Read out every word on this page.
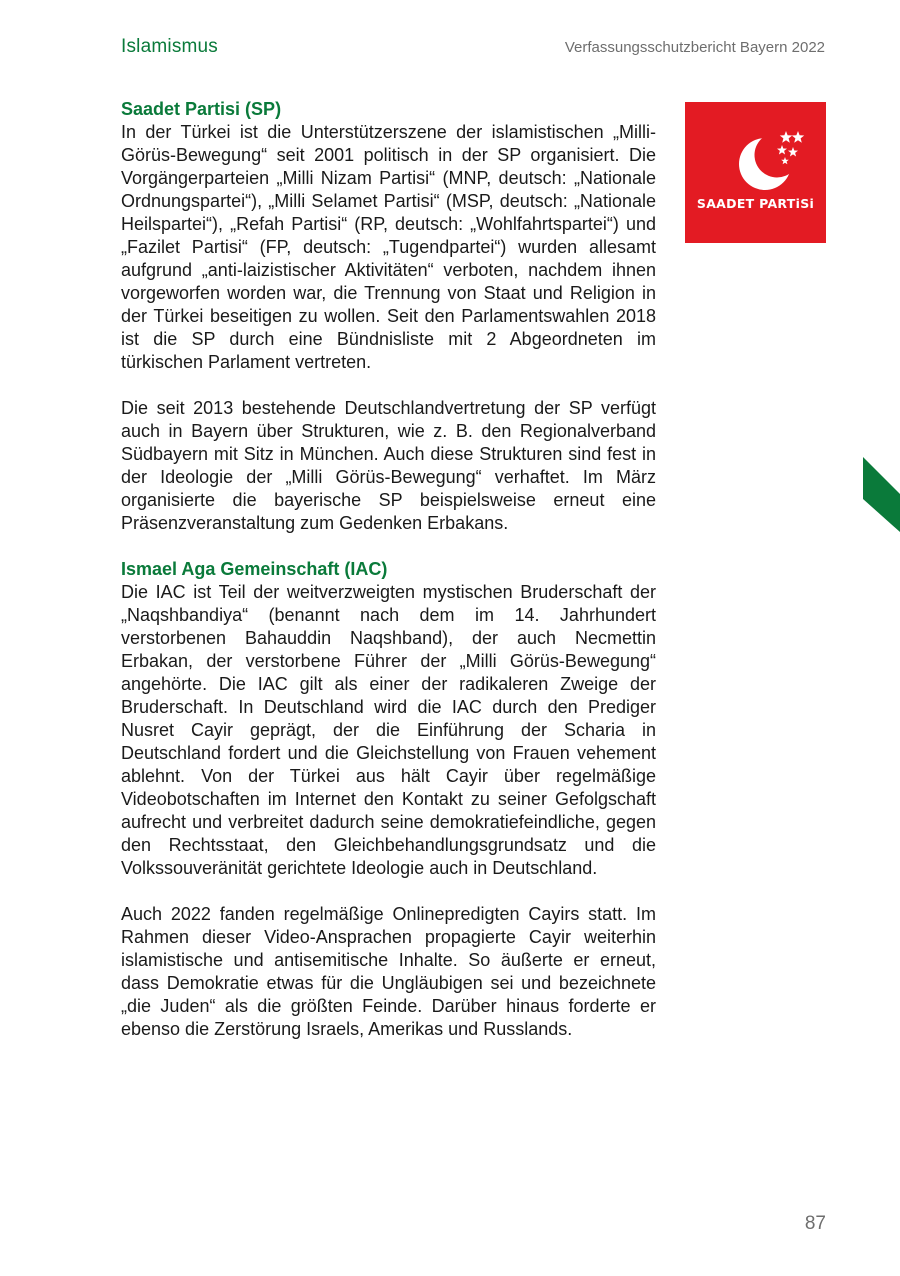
Islamismus	Verfassungsschutzbericht Bayern 2022
SAADET PARTiSi
Saadet Partisi (SP)

In der Türkei ist die Unterstützerszene der islamistischen „Milli-Görüs-Bewegung“ seit 2001 politisch in der SP organisiert. Die Vorgängerparteien „Milli Nizam Partisi“ (MNP, deutsch: „Nationale Ordnungspartei“), „Milli Selamet Partisi“ (MSP, deutsch: „Nationale Heilspartei“), „Refah Partisi“ (RP, deutsch: „Wohlfahrtspartei“) und „Fazilet Partisi“ (FP, deutsch: „Tugendpartei“) wurden allesamt aufgrund „anti-laizistischer Aktivitäten“ verboten, nachdem ihnen vorgeworfen worden war, die Trennung von Staat und Religion in der Türkei beseitigen zu wollen. Seit den Parlamentswahlen 2018 ist die SP durch eine Bündnisliste mit 2 Abgeordneten im türkischen Parlament vertreten.

Die seit 2013 bestehende Deutschlandvertretung der SP verfügt auch in Bayern über Strukturen, wie z. B. den Regionalverband Südbayern mit Sitz in München. Auch diese Strukturen sind fest in der Ideologie der „Milli Görüs-Bewegung“ verhaftet. Im März organisierte die bayerische SP beispielsweise erneut eine Präsenzveranstaltung zum Gedenken Erbakans.

Ismael Aga Gemeinschaft (IAC)

Die IAC ist Teil der weitverzweigten mystischen Bruderschaft der „Naqshbandiya“ (benannt nach dem im 14. Jahrhundert verstorbenen Bahauddin Naqshband), der auch Necmettin Erbakan, der verstorbene Führer der „Milli Görüs-Bewegung“ angehörte. Die IAC gilt als einer der radikaleren Zweige der Bruderschaft. In Deutschland wird die IAC durch den Prediger Nusret Cayir geprägt, der die Einführung der Scharia in Deutschland fordert und die Gleichstellung von Frauen vehement ablehnt. Von der Türkei aus hält Cayir über regelmäßige Videobotschaften im Internet den Kontakt zu seiner Gefolgschaft aufrecht und verbreitet dadurch seine demokratiefeindliche, gegen den Rechtsstaat, den Gleichbehandlungsgrundsatz und die Volkssouveränität gerichtete Ideologie auch in Deutschland.

Auch 2022 fanden regelmäßige Onlinepredigten Cayirs statt. Im Rahmen dieser Video-Ansprachen propagierte Cayir weiterhin islamistische und antisemitische Inhalte. So äußerte er erneut, dass Demokratie etwas für die Ungläubigen sei und bezeichnete „die Juden“ als die größten Feinde. Darüber hinaus forderte er ebenso die Zerstörung Israels, Amerikas und Russlands.

87
